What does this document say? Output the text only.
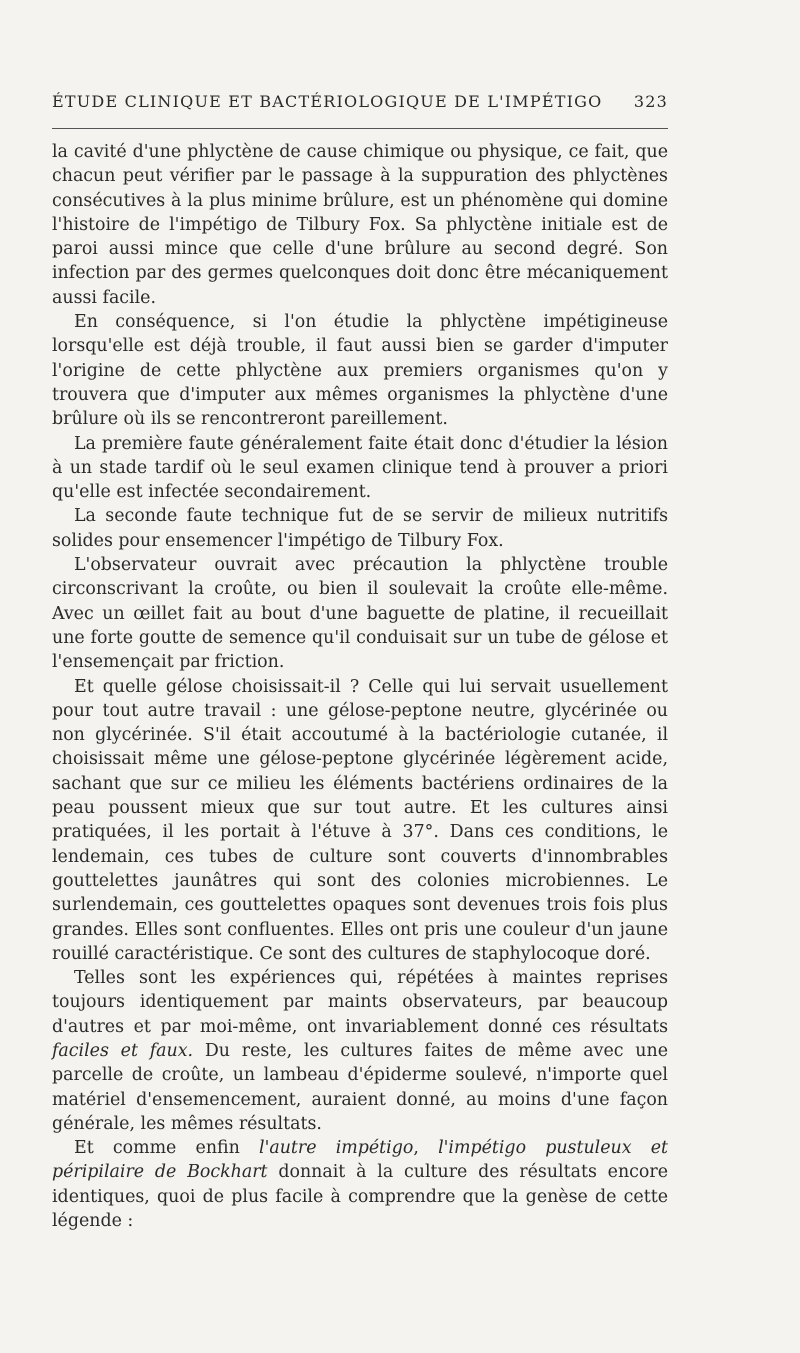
ÉTUDE CLINIQUE ET BACTÉRIOLOGIQUE DE L'IMPÉTIGO 323

la cavité d'une phlyctène de cause chimique ou physique, ce fait, que chacun peut vérifier par le passage à la suppuration des phlyctènes consécutives à la plus minime brûlure, est un phénomène qui domine l'histoire de l'impétigo de Tilbury Fox. Sa phlyctène initiale est de paroi aussi mince que celle d'une brûlure au second degré. Son infection par des germes quelconques doit donc être mécaniquement aussi facile.

En conséquence, si l'on étudie la phlyctène impétigineuse lorsqu'elle est déjà trouble, il faut aussi bien se garder d'imputer l'origine de cette phlyctène aux premiers organismes qu'on y trouvera que d'imputer aux mêmes organismes la phlyctène d'une brûlure où ils se rencontreront pareillement.

La première faute généralement faite était donc d'étudier la lésion à un stade tardif où le seul examen clinique tend à prouver a priori qu'elle est infectée secondairement.

La seconde faute technique fut de se servir de milieux nutritifs solides pour ensemencer l'impétigo de Tilbury Fox.

L'observateur ouvrait avec précaution la phlyctène trouble circonscrivant la croûte, ou bien il soulevait la croûte elle-même. Avec un œillet fait au bout d'une baguette de platine, il recueillait une forte goutte de semence qu'il conduisait sur un tube de gélose et l'ensemençait par friction.

Et quelle gélose choisissait-il ? Celle qui lui servait usuellement pour tout autre travail : une gélose-peptone neutre, glycérinée ou non glycérinée. S'il était accoutumé à la bactériologie cutanée, il choisissait même une gélose-peptone glycérinée légèrement acide, sachant que sur ce milieu les éléments bactériens ordinaires de la peau poussent mieux que sur tout autre. Et les cultures ainsi pratiquées, il les portait à l'étuve à 37°. Dans ces conditions, le lendemain, ces tubes de culture sont couverts d'innombrables gouttelettes jaunâtres qui sont des colonies microbiennes. Le surlendemain, ces gouttelettes opaques sont devenues trois fois plus grandes. Elles sont confluentes. Elles ont pris une couleur d'un jaune rouillé caractéristique. Ce sont des cultures de staphylocoque doré.

Telles sont les expériences qui, répétées à maintes reprises toujours identiquement par maints observateurs, par beaucoup d'autres et par moi-même, ont invariablement donné ces résultats faciles et faux. Du reste, les cultures faites de même avec une parcelle de croûte, un lambeau d'épiderme soulevé, n'importe quel matériel d'ensemencement, auraient donné, au moins d'une façon générale, les mêmes résultats.

Et comme enfin l'autre impétigo, l'impétigo pustuleux et péripilaire de Bockhart donnait à la culture des résultats encore identiques, quoi de plus facile à comprendre que la genèse de cette légende :
